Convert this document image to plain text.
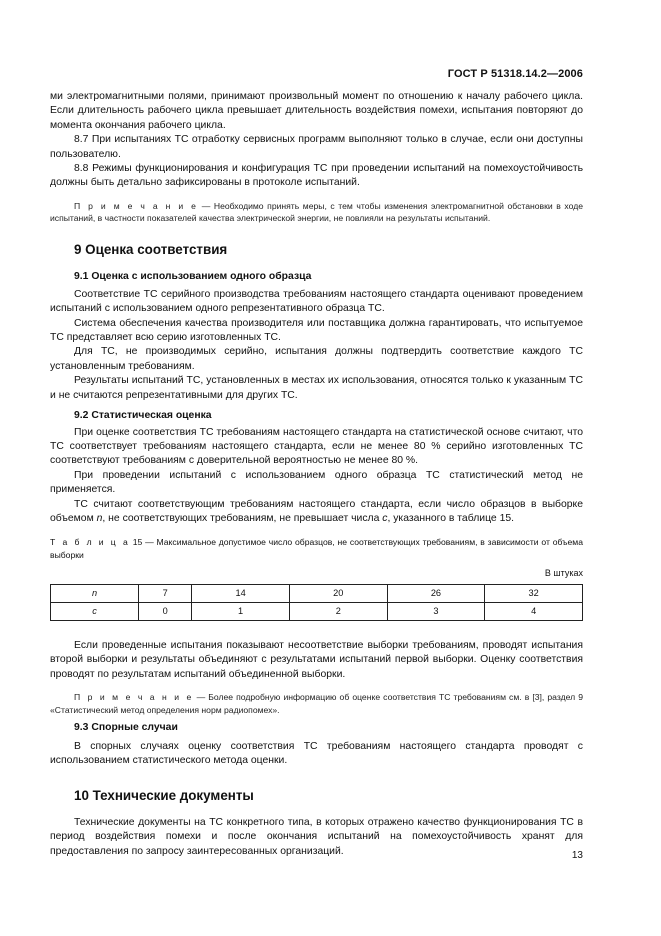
ГОСТ Р 51318.14.2—2006

ми электромагнитными полями, принимают произвольный момент по отношению к началу рабочего цикла. Если длительность рабочего цикла превышает длительность воздействия помехи, испытания повторяют до момента окончания рабочего цикла.

8.7 При испытаниях ТС отработку сервисных программ выполняют только в случае, если они доступны пользователю.

8.8 Режимы функционирования и конфигурация ТС при проведении испытаний на помехоустойчивость должны быть детально зафиксированы в протоколе испытаний.

П р и м е ч а н и е — Необходимо принять меры, с тем чтобы изменения электромагнитной обстановки в ходе испытаний, в частности показателей качества электрической энергии, не повлияли на результаты испытаний.

9 Оценка соответствия
9.1 Оценка с использованием одного образца

Соответствие ТС серийного производства требованиям настоящего стандарта оценивают проведением испытаний с использованием одного репрезентативного образца ТС.

Система обеспечения качества производителя или поставщика должна гарантировать, что испытуемое ТС представляет всю серию изготовленных ТС.

Для ТС, не производимых серийно, испытания должны подтвердить соответствие каждого ТС установленным требованиям.

Результаты испытаний ТС, установленных в местах их использования, относятся только к указанным ТС и не считаются репрезентативными для других ТС.

9.2 Статистическая оценка

При оценке соответствия ТС требованиям настоящего стандарта на статистической основе считают, что ТС соответствует требованиям настоящего стандарта, если не менее 80 % серийно изготовленных ТС соответствуют требованиям с доверительной вероятностью не менее 80 %.

При проведении испытаний с использованием одного образца ТС статистический метод не применяется.

ТС считают соответствующим требованиям настоящего стандарта, если число образцов в выборке объемом n, не соответствующих требованиям, не превышает числа c, указанного в таблице 15.

Т а б л и ц а 15 — Максимальное допустимое число образцов, не соответствующих требованиям, в зависимости от объема выборки

В штуках
n	7	14	20	26	32
c	0	1	2	3	4

Если проведенные испытания показывают несоответствие выборки требованиям, проводят испытания второй выборки и результаты объединяют с результатами испытаний первой выборки. Оценку соответствия проводят по результатам испытаний объединенной выборки.

П р и м е ч а н и е — Более подробную информацию об оценке соответствия ТС требованиям см. в [3], раздел 9 «Статистический метод определения норм радиопомех».

9.3 Спорные случаи

В спорных случаях оценку соответствия ТС требованиям настоящего стандарта проводят с использованием статистического метода оценки.

10 Технические документы

Технические документы на ТС конкретного типа, в которых отражено качество функционирования ТС в период воздействия помехи и после окончания испытаний на помехоустойчивость хранят для предоставления по запросу заинтересованных организаций.	13
